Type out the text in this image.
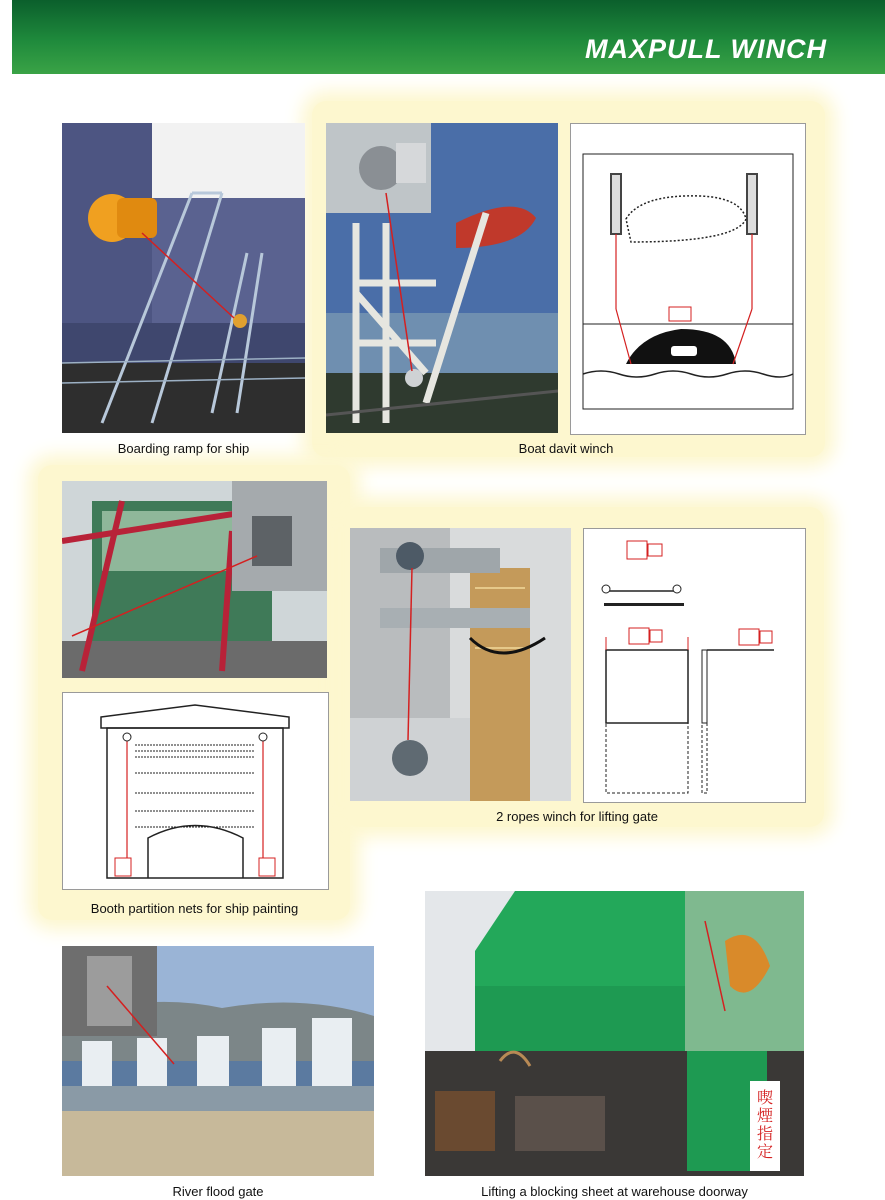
MAXPULL WINCH
Boarding ramp for ship	Boat davit winch
Booth partition nets for ship painting
2 ropes winch for lifting gate
River flood gate
喫煙指定
Lifting a blocking sheet at warehouse doorway
